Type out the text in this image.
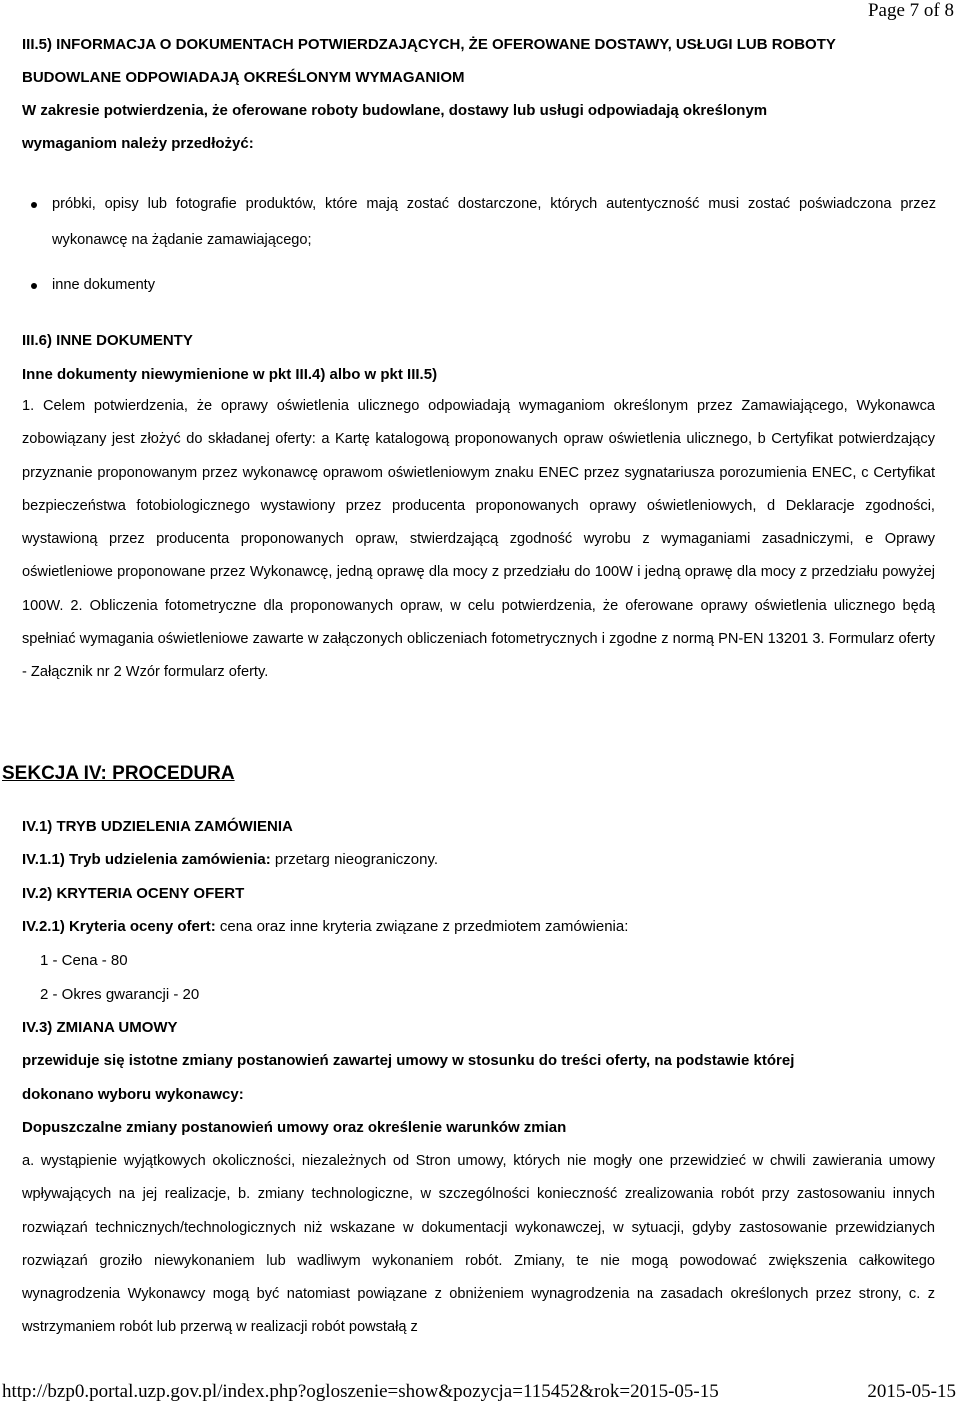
Page 7 of 8
III.5) INFORMACJA O DOKUMENTACH POTWIERDZAJĄCYCH, ŻE OFEROWANE DOSTAWY, USŁUGI LUB ROBOTY
BUDOWLANE ODPOWIADAJĄ OKREŚLONYM WYMAGANIOM
W zakresie potwierdzenia, że oferowane roboty budowlane, dostawy lub usługi odpowiadają określonym
wymaganiom należy przedłożyć:
próbki, opisy lub fotografie produktów, które mają zostać dostarczone, których autentyczność musi zostać poświadczona przez wykonawcę na żądanie zamawiającego;
inne dokumenty
III.6) INNE DOKUMENTY
Inne dokumenty niewymienione w pkt III.4) albo w pkt III.5)
1. Celem potwierdzenia, że oprawy oświetlenia ulicznego odpowiadają wymaganiom określonym przez Zamawiającego, Wykonawca zobowiązany jest złożyć do składanej oferty: a Kartę katalogową proponowanych opraw oświetlenia ulicznego, b Certyfikat potwierdzający przyznanie proponowanym przez wykonawcę oprawom oświetleniowym znaku ENEC przez sygnatariusza porozumienia ENEC, c Certyfikat bezpieczeństwa fotobiologicznego wystawiony przez producenta proponowanych oprawy oświetleniowych, d Deklaracje zgodności, wystawioną przez producenta proponowanych opraw, stwierdzającą zgodność wyrobu z wymaganiami zasadniczymi, e Oprawy oświetleniowe proponowane przez Wykonawcę, jedną oprawę dla mocy z przedziału do 100W i jedną oprawę dla mocy z przedziału powyżej 100W. 2. Obliczenia fotometryczne dla proponowanych opraw, w celu potwierdzenia, że oferowane oprawy oświetlenia ulicznego będą spełniać wymagania oświetleniowe zawarte w załączonych obliczeniach fotometrycznych i zgodne z normą PN-EN 13201 3. Formularz oferty - Załącznik nr 2 Wzór formularz oferty.
SEKCJA IV: PROCEDURA
IV.1) TRYB UDZIELENIA ZAMÓWIENIA
IV.1.1) Tryb udzielenia zamówienia: przetarg nieograniczony.
IV.2) KRYTERIA OCENY OFERT
IV.2.1) Kryteria oceny ofert: cena oraz inne kryteria związane z przedmiotem zamówienia:
1 - Cena - 80
2 - Okres gwarancji - 20
IV.3) ZMIANA UMOWY
przewiduje się istotne zmiany postanowień zawartej umowy w stosunku do treści oferty, na podstawie której
dokonano wyboru wykonawcy:
Dopuszczalne zmiany postanowień umowy oraz określenie warunków zmian
a. wystąpienie wyjątkowych okoliczności, niezależnych od Stron umowy, których nie mogły one przewidzieć w chwili zawierania umowy wpływających na jej realizacje, b. zmiany technologiczne, w szczególności konieczność zrealizowania robót przy zastosowaniu innych rozwiązań technicznych/technologicznych niż wskazane w dokumentacji wykonawczej, w sytuacji, gdyby zastosowanie przewidzianych rozwiązań groziło niewykonaniem lub wadliwym wykonaniem robót. Zmiany, te nie mogą powodować zwiększenia całkowitego wynagrodzenia Wykonawcy mogą być natomiast powiązane z obniżeniem wynagrodzenia na zasadach określonych przez strony, c. z wstrzymaniem robót lub przerwą w realizacji robót powstałą z
http://bzp0.portal.uzp.gov.pl/index.php?ogloszenie=show&pozycja=115452&rok=2015-05-15	2015-05-15
